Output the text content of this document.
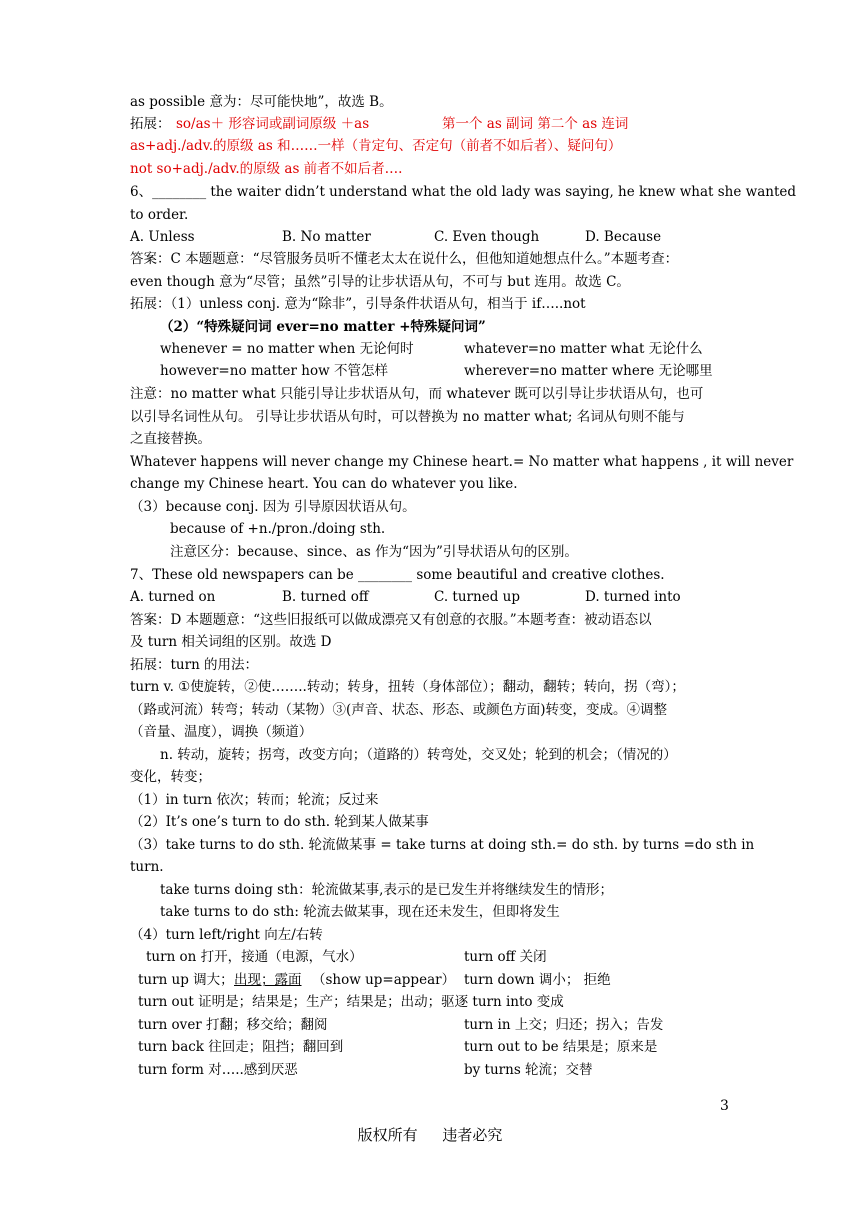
as possible 意为：尽可能快地”，故选 B。
拓展： so/as＋ 形容词或副词原级 ＋as	第一个 as 副词 第二个 as 连词
as+adj./adv.的原级 as 和……一样（肯定句、否定句（前者不如后者）、疑问句）
not so+adj./adv.的原级 as 前者不如后者….
6、________ the waiter didn’t understand what the old lady was saying, he knew what she wanted
to order.
A. Unless	B. No matter	C. Even though	D. Because
答案：C 本题题意：“尽管服务员听不懂老太太在说什么，但他知道她想点什么。”本题考查：
even though 意为“尽管；虽然”引导的让步状语从句，不可与 but 连用。故选 C。
拓展：（1）unless conj. 意为“除非”，引导条件状语从句，相当于 if…..not
（2）“特殊疑问词 ever=no matter +特殊疑问词”
whenever = no matter when 无论何时	whatever=no matter what 无论什么
however=no matter how 不管怎样	wherever=no matter where 无论哪里
注意：no matter what 只能引导让步状语从句，而 whatever 既可以引导让步状语从句，也可
以引导名词性从句。 引导让步状语从句时，可以替换为 no matter what; 名词从句则不能与
之直接替换。
Whatever happens will never change my Chinese heart.= No matter what happens , it will never
change my Chinese heart. You can do whatever you like.
（3）because conj. 因为 引导原因状语从句。
because of +n./pron./doing sth.
注意区分：because、since、as 作为“因为”引导状语从句的区别。
7、These old newspapers can be ________ some beautiful and creative clothes.
A. turned on	B. turned off	C. turned up	D. turned into
答案：D 本题题意：“这些旧报纸可以做成漂亮又有创意的衣服。”本题考查：被动语态以
及 turn 相关词组的区别。故选 D
拓展：turn 的用法：
turn v. ①使旋转，②使……..转动；转身，扭转（身体部位）；翻动，翻转；转向，拐（弯）；
（路或河流）转弯；转动（某物）③(声音、状态、形态、或颜色方面)转变，变成。④调整
（音量、温度），调换（频道）
n. 转动，旋转；拐弯，改变方向；（道路的）转弯处，交叉处；轮到的机会；（情况的）
变化，转变；
（1）in turn 依次；转而；轮流；反过来
（2）It’s one’s turn to do sth. 轮到某人做某事
（3）take turns to do sth. 轮流做某事 = take turns at doing sth.= do sth. by turns =do sth in
turn.
take turns doing sth：轮流做某事,表示的是已发生并将继续发生的情形；
take turns to do sth: 轮流去做某事，现在还未发生，但即将发生
（4）turn left/right 向左/右转
turn on 打开，接通（电源，气水）	turn off 关闭
turn up 调大； 出现；露面 （show up=appear） turn down 调小； 拒绝
turn out 证明是；结果是；生产；结果是；出动；驱逐 turn into 变成
turn over 打翻；移交给；翻阅	turn in 上交；归还；拐入；告发
turn back 往回走；阻挡；翻回到	turn out to be 结果是；原来是
turn form 对…..感到厌恶	by turns 轮流；交替
3
版权所有 违者必究
